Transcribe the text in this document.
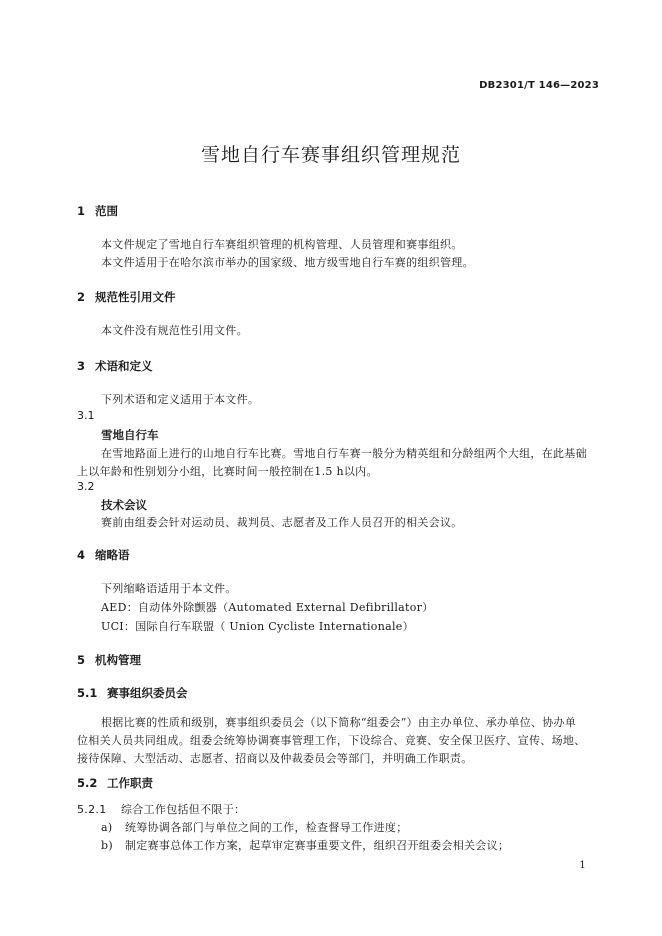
DB2301/T 146—2023
雪地自行车赛事组织管理规范
1 范围
本文件规定了雪地自行车赛组织管理的机构管理、人员管理和赛事组织。
本文件适用于在哈尔滨市举办的国家级、地方级雪地自行车赛的组织管理。
2 规范性引用文件
本文件没有规范性引用文件。
3 术语和定义
下列术语和定义适用于本文件。
3.1
雪地自行车
在雪地路面上进行的山地自行车比赛。雪地自行车赛一般分为精英组和分龄组两个大组，在此基础
上以年龄和性别划分小组，比赛时间一般控制在1.5 h以内。
3.2
技术会议
赛前由组委会针对运动员、裁判员、志愿者及工作人员召开的相关会议。
4 缩略语
下列缩略语适用于本文件。
AED：自动体外除颤器（Automated External Defibrillator）
UCI：国际自行车联盟（ Union Cycliste Internationale）
5 机构管理
5.1 赛事组织委员会
根据比赛的性质和级别，赛事组织委员会（以下简称“组委会”）由主办单位、承办单位、协办单
位相关人员共同组成。组委会统筹协调赛事管理工作，下设综合、竞赛、安全保卫医疗、宣传、场地、
接待保障、大型活动、志愿者、招商以及仲裁委员会等部门，并明确工作职责。
5.2 工作职责
5.2.1 综合工作包括但不限于：
a) 统筹协调各部门与单位之间的工作，检查督导工作进度；
b) 制定赛事总体工作方案，起草审定赛事重要文件，组织召开组委会相关会议；
1
